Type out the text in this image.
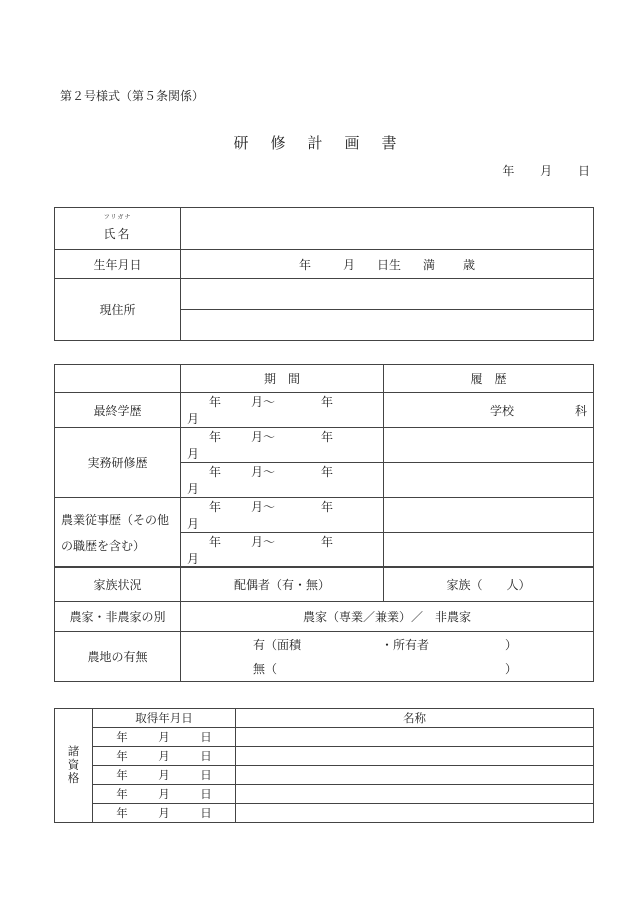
第２号様式（第５条関係）
研 修 計 画 書
年 月 日
フリガナ
氏名	
生年月日	年 月 日生 満 歳
現住所	

	期　間	履　歴
最終学歴	年 月～ 年月	学校 科

実務研修歴	年 月～ 年月	
	年 月～ 年月	
農業従事歴（その他の職歴を含む）	年 月～ 年月	
	年 月～ 年月	
家族状況	配偶者（有・無）	家族（　　人）
農家・非農家の別	農家（専業／兼業）／　非農家	
農地の有無	有（面積 ・所有者 ）
無（ ）	
諸資格	取得年月日	名称
	年 月 日	
	年 月 日	
	年 月 日	
	年 月 日	
	年 月 日	
